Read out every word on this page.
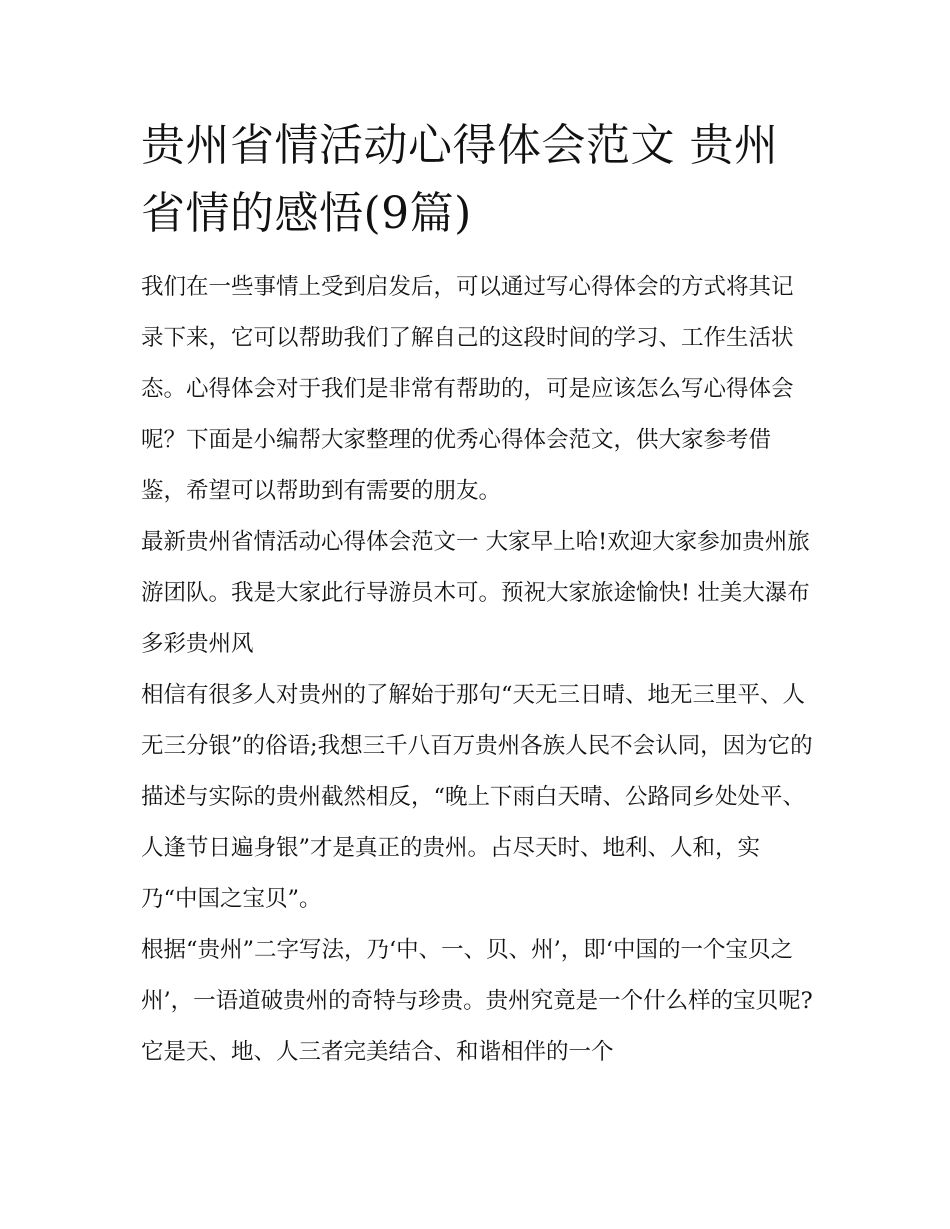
贵州省情活动心得体会范文 贵州省情的感悟(9篇)

我们在一些事情上受到启发后，可以通过写心得体会的方式将其记录下来，它可以帮助我们了解自己的这段时间的学习、工作生活状态。心得体会对于我们是非常有帮助的，可是应该怎么写心得体会呢？下面是小编帮大家整理的优秀心得体会范文，供大家参考借鉴，希望可以帮助到有需要的朋友。

最新贵州省情活动心得体会范文一 大家早上哈!欢迎大家参加贵州旅游团队。我是大家此行导游员木可。预祝大家旅途愉快! 壮美大瀑布 多彩贵州风

相信有很多人对贵州的了解始于那句“天无三日晴、地无三里平、人无三分银”的俗语;我想三千八百万贵州各族人民不会认同，因为它的描述与实际的贵州截然相反，“晚上下雨白天晴、公路同乡处处平、人逢节日遍身银”才是真正的贵州。占尽天时、地利、人和，实乃“中国之宝贝”。

根据“贵州”二字写法，乃‘中、一、贝、州’，即‘中国的一个宝贝之州’，一语道破贵州的奇特与珍贵。贵州究竟是一个什么样的宝贝呢?它是天、地、人三者完美结合、和谐相伴的一个
